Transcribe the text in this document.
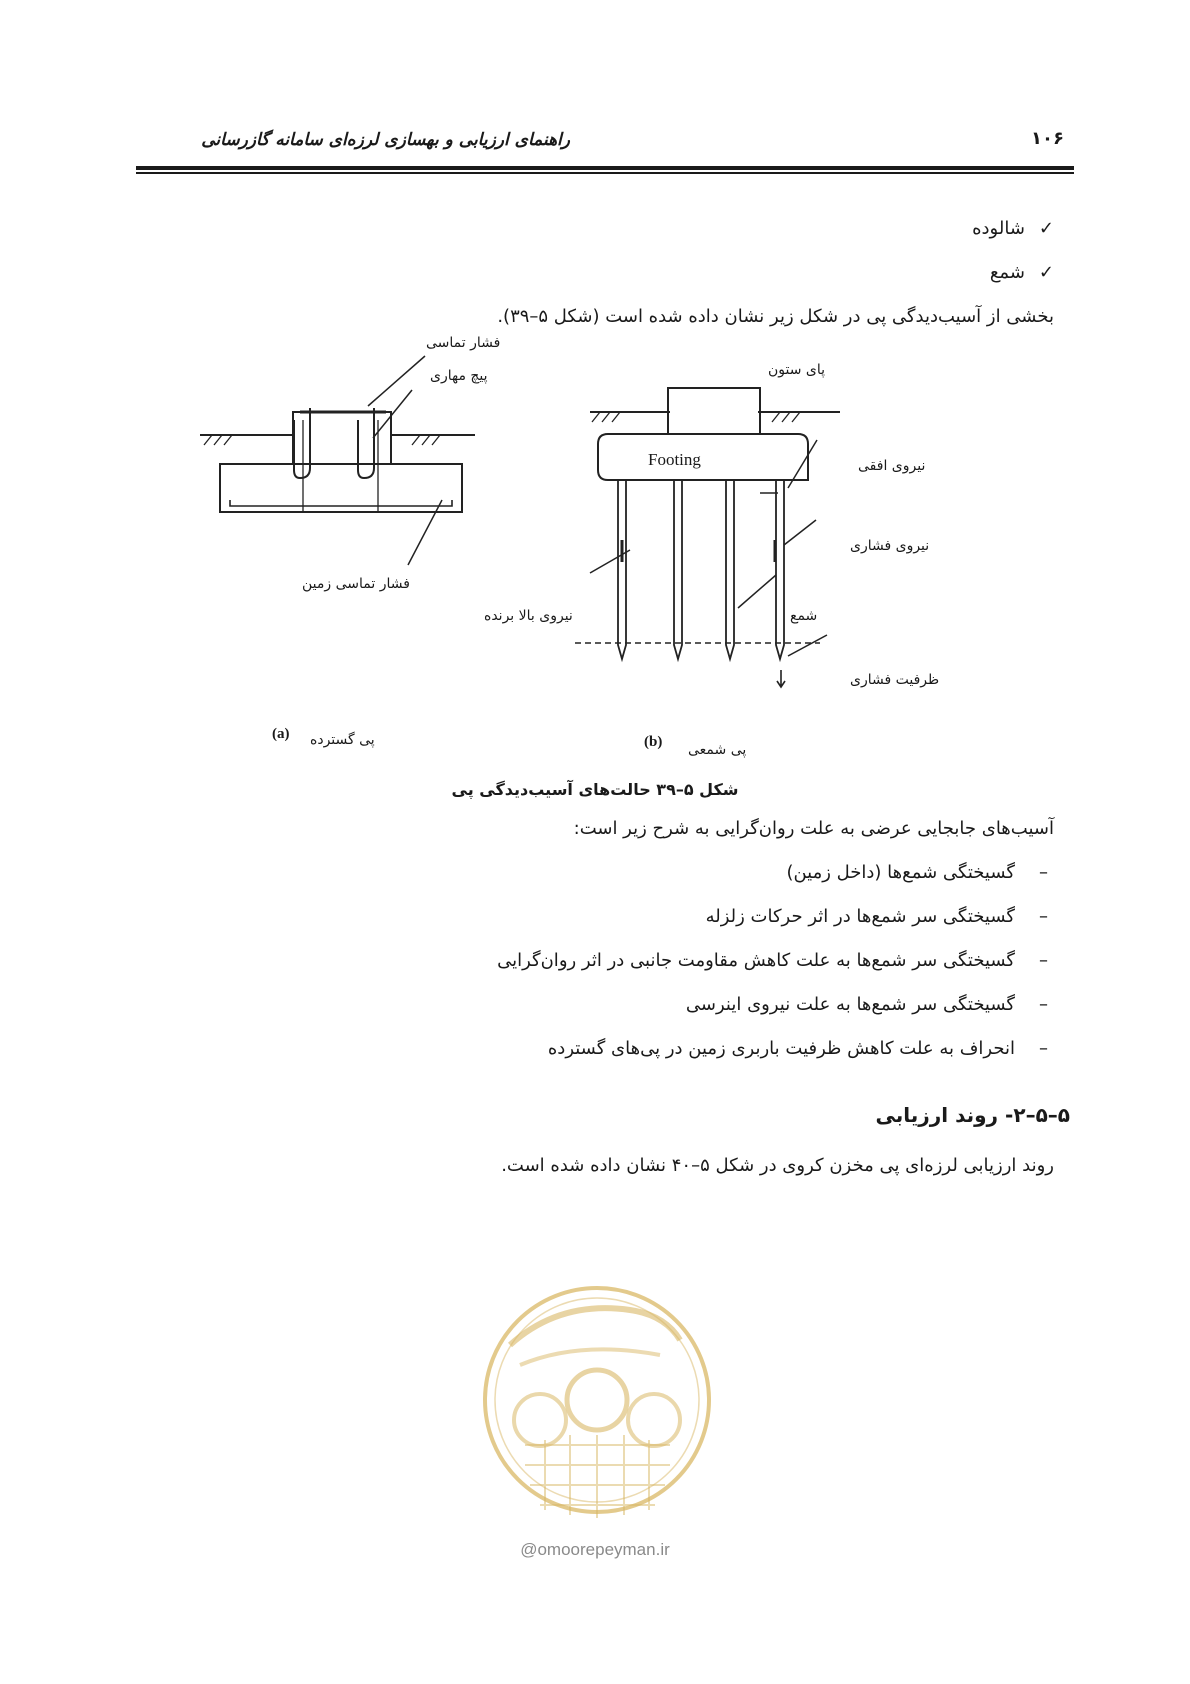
راهنمای ارزیابی و بهسازی لرزه‌ای سامانه گازرسانی	۱۰۶
✓شالوده
✓شمع
بخشی از آسیب‌دیدگی پی در شکل زیر نشان داده شده است (شکل ۵–۳۹).
فشار تماسی
پیچ مهاری
فشار تماسی زمین
(a) پی گسترده
پای ستون
Footing	نیروی افقی
نیروی فشاری
شمع
نیروی بالا برنده
ظرفیت فشاری
(b) پی شمعی
شکل ۵–۳۹ حالت‌های آسیب‌دیدگی پی
آسیب‌های جابجایی عرضی به علت روان‌گرایی به شرح زیر است:
–گسیختگی شمع‌ها (داخل زمین)
–گسیختگی سر شمع‌ها در اثر حرکات زلزله
–گسیختگی سر شمع‌ها به علت کاهش مقاومت جانبی در اثر روان‌گرایی
–گسیختگی سر شمع‌ها به علت نیروی اینرسی
–انحراف به علت کاهش ظرفیت باربری زمین در پی‌های گسترده
۵–۵–۲- روند ارزیابی
روند ارزیابی لرزه‌ای پی مخزن کروی در شکل ۵–۴۰ نشان داده شده است.
@omoorepeyman.ir
